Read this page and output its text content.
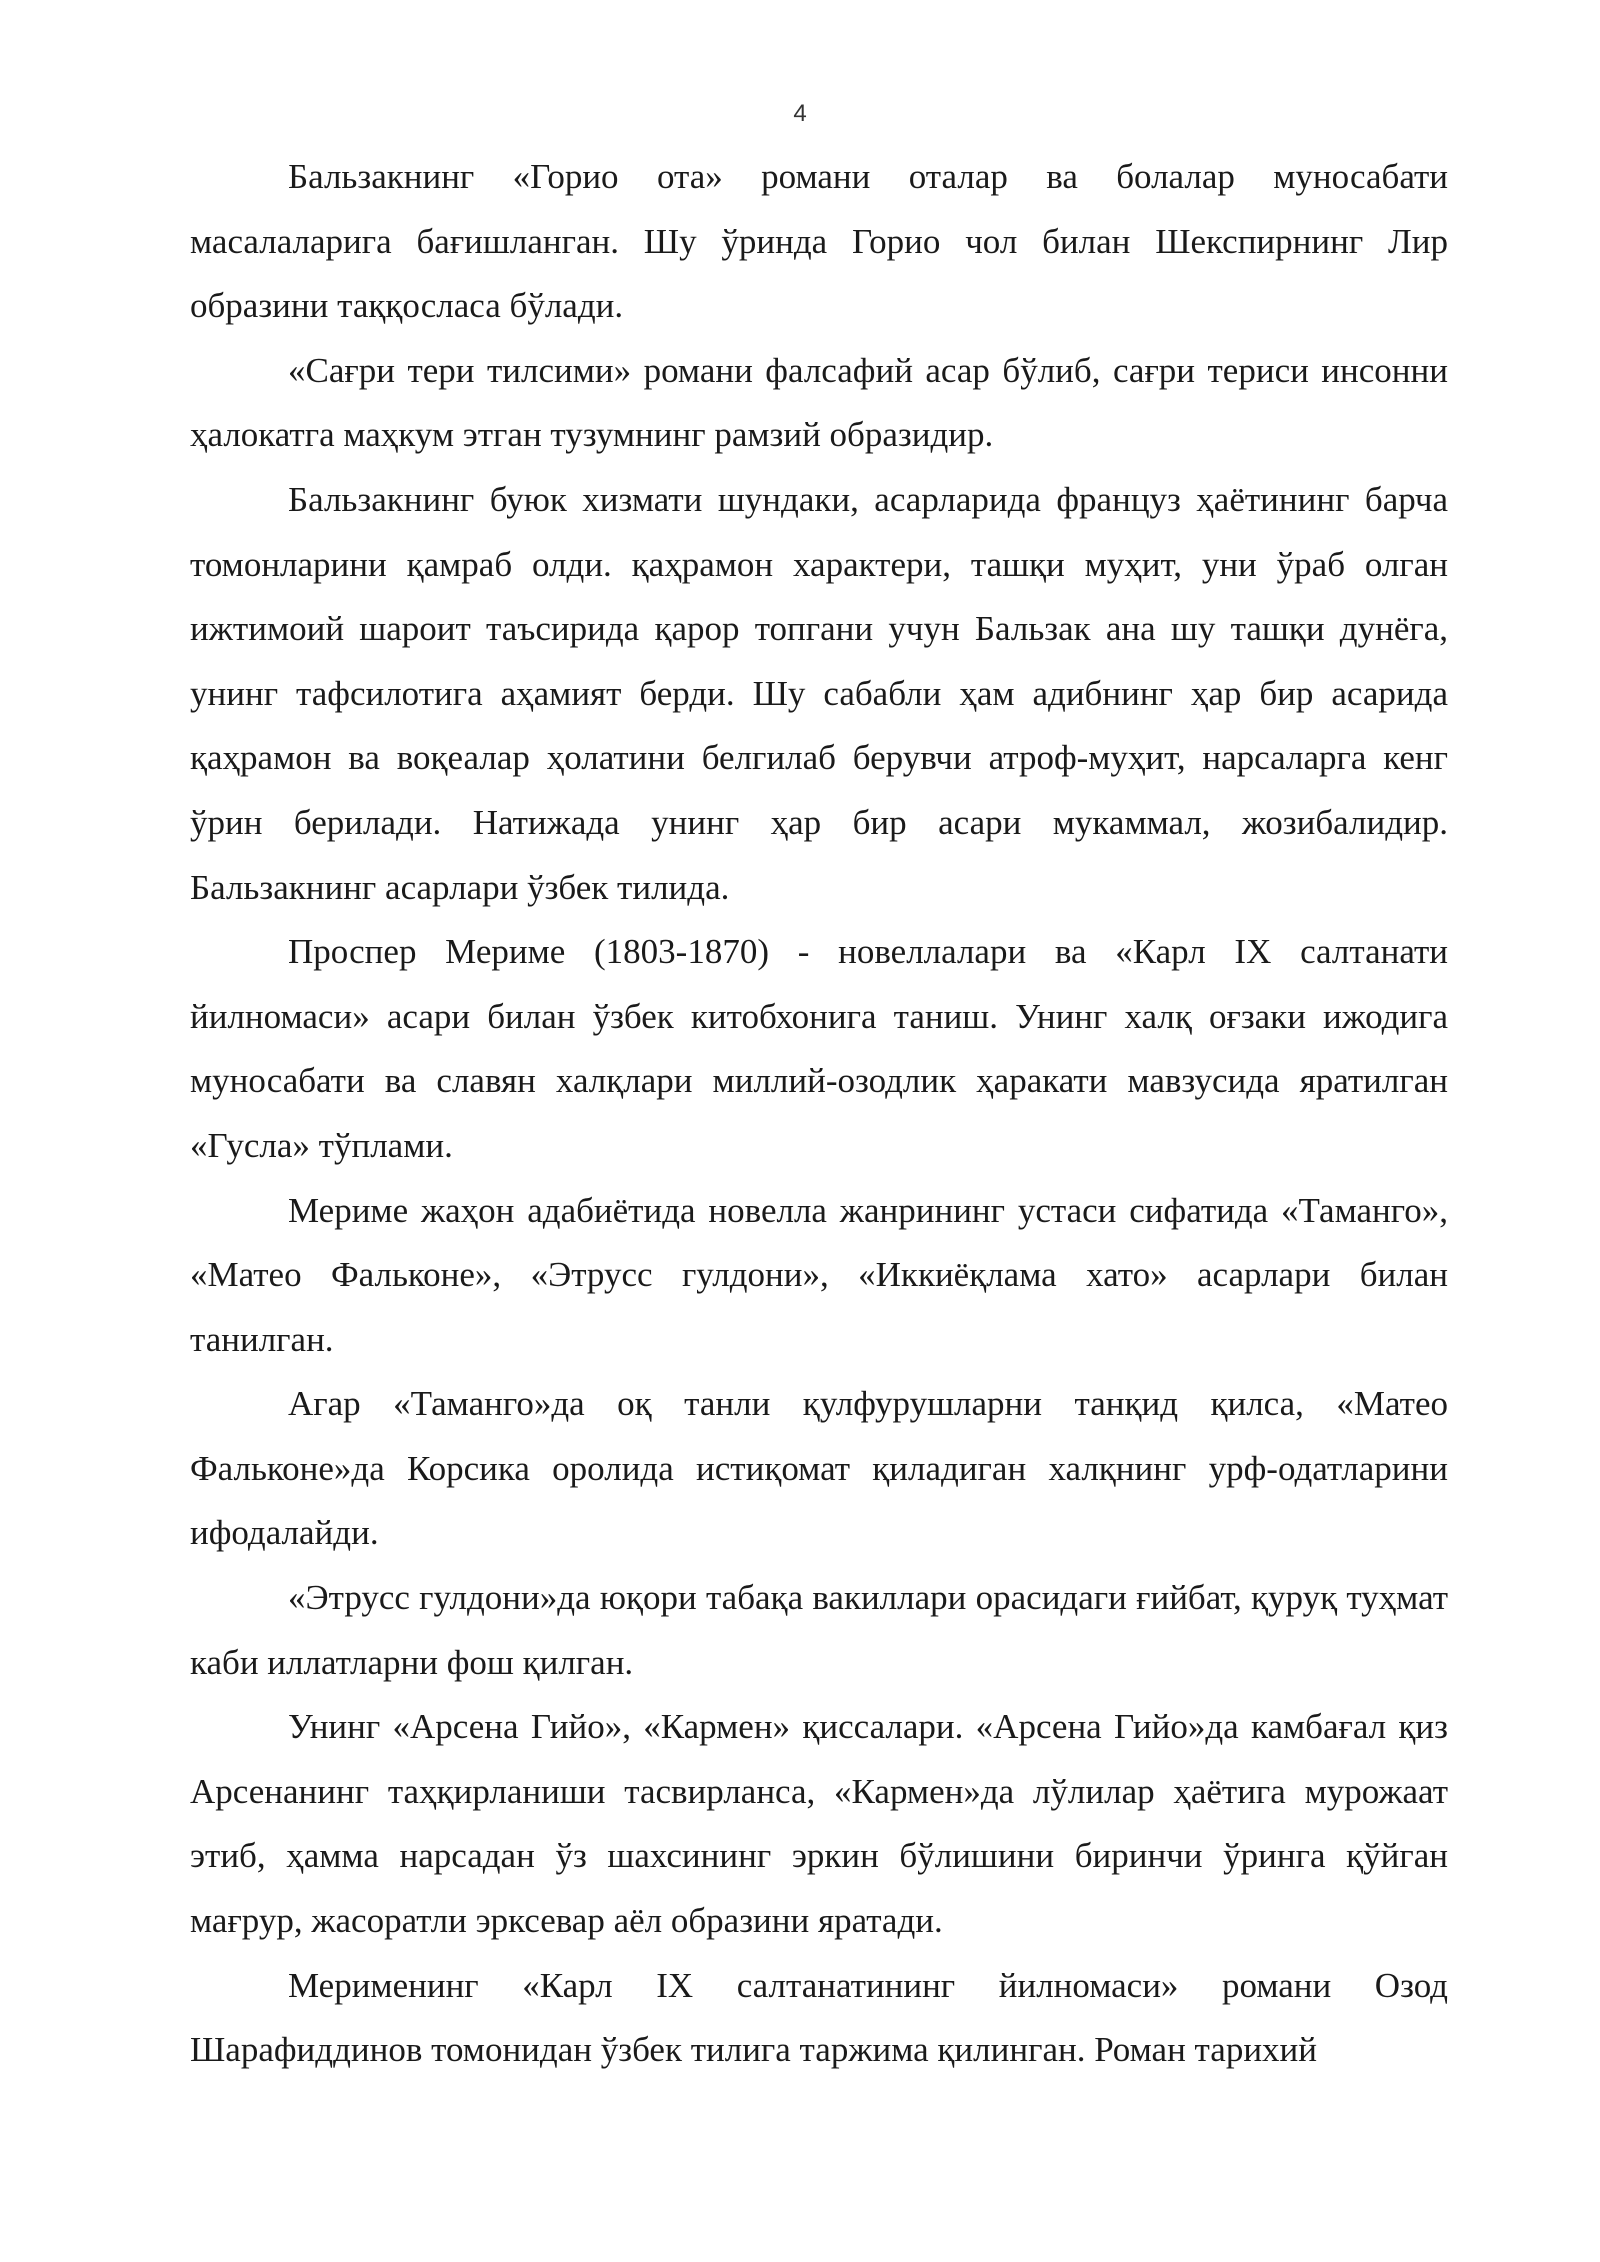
4

Бальзакнинг «Горио ота» романи оталар ва болалар муносабати масалаларига бағишланган. Шу ўринда Горио чол билан Шекспирнинг Лир образини таққосласа бўлади.

«Сағри тери тилсими» романи фалсафий асар бўлиб, сағри териси инсонни ҳалокатга маҳкум этган тузумнинг рамзий образидир.

Бальзакнинг буюк хизмати шундаки, асарларида француз ҳаётининг барча томонларини қамраб олди. қаҳрамон характери, ташқи муҳит, уни ўраб олган ижтимоий шароит таъсирида қарор топгани учун Бальзак ана шу ташқи дунёга, унинг тафсилотига аҳамият берди. Шу сабабли ҳам адибнинг ҳар бир асарида қаҳрамон ва воқеалар ҳолатини белгилаб берувчи атроф-муҳит, нарсаларга кенг ўрин берилади. Натижада унинг ҳар бир асари мукаммал, жозибалидир. Бальзакнинг асарлари ўзбек тилида.

Проспер Мериме (1803-1870) - новеллалари ва «Карл IX салтанати йилномаси» асари билан ўзбек китобхонига таниш. Унинг халқ оғзаки ижодига муносабати ва славян халқлари миллий-озодлик ҳаракати мавзусида яратилган «Гусла» тўплами.

Мериме жаҳон адабиётида новелла жанрининг устаси сифатида «Таманго», «Матео Фальконе», «Этрусс гулдони», «Иккиёқлама хато» асарлари билан танилган.

Агар «Таманго»да оқ танли қулфурушларни танқид қилса, «Матео Фальконе»да Корсика оролида истиқомат қиладиган халқнинг урф-одатларини ифодалайди.

«Этрусс гулдони»да юқори табақа вакиллари орасидаги ғийбат, қуруқ туҳмат каби иллатларни фош қилган.

Унинг «Арсена Гийо», «Кармен» қиссалари. «Арсена Гийо»да камбағал қиз Арсенанинг таҳқирланиши тасвирланса, «Кармен»да лўлилар ҳаётига мурожаат этиб, ҳамма нарсадан ўз шахсининг эркин бўлишини биринчи ўринга қўйган мағрур, жасоратли эрксевар аёл образини яратади.

Мерименинг «Карл IX салтанатининг йилномаси» романи Озод Шарафиддинов томонидан ўзбек тилига таржима қилинган. Роман тарихий
